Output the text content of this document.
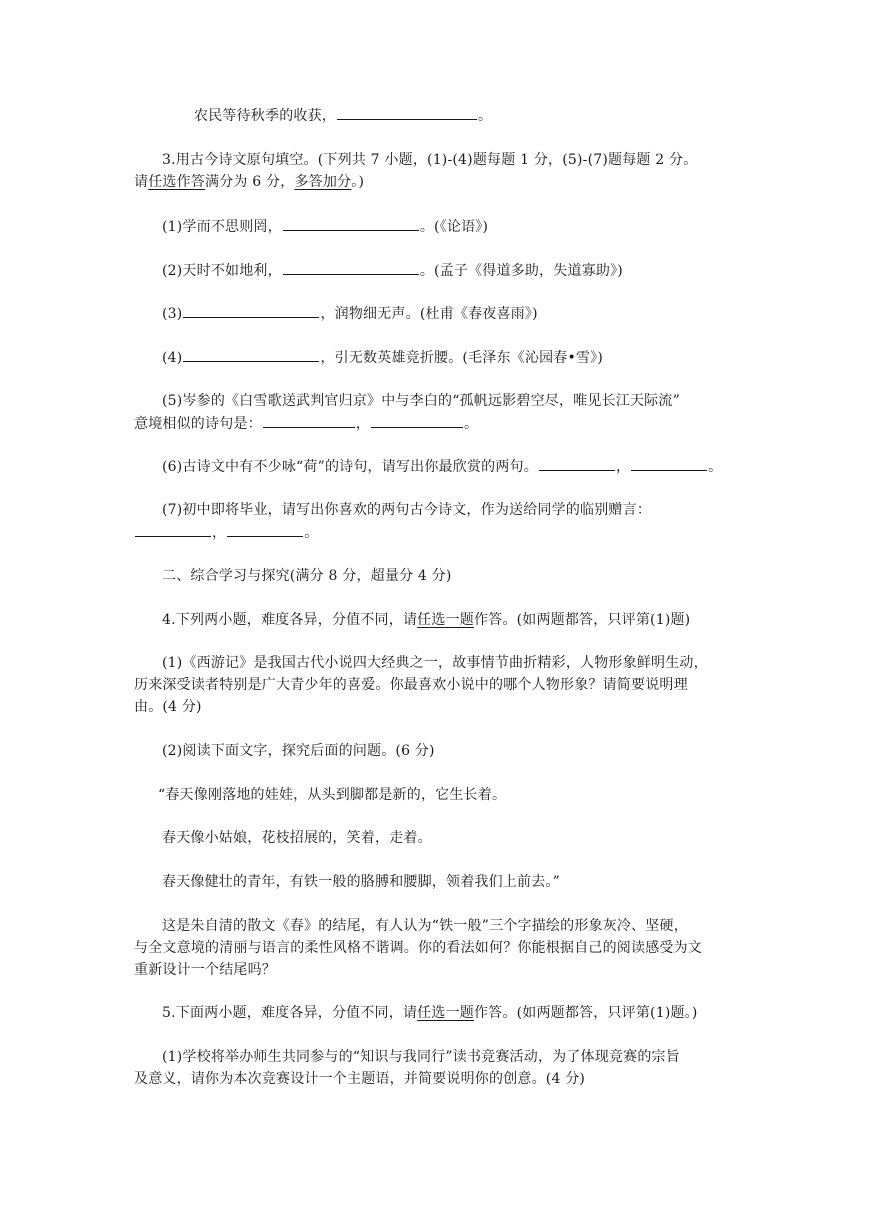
农民等待秋季的收获，	。

3.用古今诗文原句填空。(下列共 7 小题，(1)-(4)题每题 1 分，(5)-(7)题每题 2 分。

请任选作答满分为 6 分，多答加分。)

(1)学而不思则罔，	。(《论语》)

(2)天时不如地利，	。(孟子《得道多助，失道寡助》)

(3)	，润物细无声。(杜甫《春夜喜雨》)

(4)	，引无数英雄竞折腰。(毛泽东《沁园春•雪》)

(5)岑参的《白雪歌送武判官归京》中与李白的“孤帆远影碧空尽，唯见长江天际流”

意境相似的诗句是：	，	。

(6)古诗文中有不少咏“荷”的诗句，请写出你最欣赏的两句。	，	。

(7)初中即将毕业，请写出你喜欢的两句古今诗文，作为送给同学的临别赠言：

，	。

二、综合学习与探究(满分 8 分，超量分 4 分)

4.下列两小题，难度各异，分值不同，请任选一题作答。(如两题都答，只评第(1)题)

(1)《西游记》是我国古代小说四大经典之一，故事情节曲折精彩，人物形象鲜明生动，

历来深受读者特别是广大青少年的喜爱。你最喜欢小说中的哪个人物形象？请简要说明理

由。(4 分)

(2)阅读下面文字，探究后面的问题。(6 分)

“春天像刚落地的娃娃，从头到脚都是新的，它生长着。

春天像小姑娘，花枝招展的，笑着，走着。

春天像健壮的青年，有铁一般的胳膊和腰脚，领着我们上前去。”

这是朱自清的散文《春》的结尾，有人认为“铁一般”三个字描绘的形象灰冷、坚硬，

与全文意境的清丽与语言的柔性风格不谐调。你的看法如何？你能根据自己的阅读感受为文

重新设计一个结尾吗？

5.下面两小题，难度各异，分值不同，请任选一题作答。(如两题都答，只评第(1)题。)

(1)学校将举办师生共同参与的“知识与我同行”读书竞赛活动，为了体现竞赛的宗旨

及意义，请你为本次竞赛设计一个主题语，并简要说明你的创意。(4 分)
